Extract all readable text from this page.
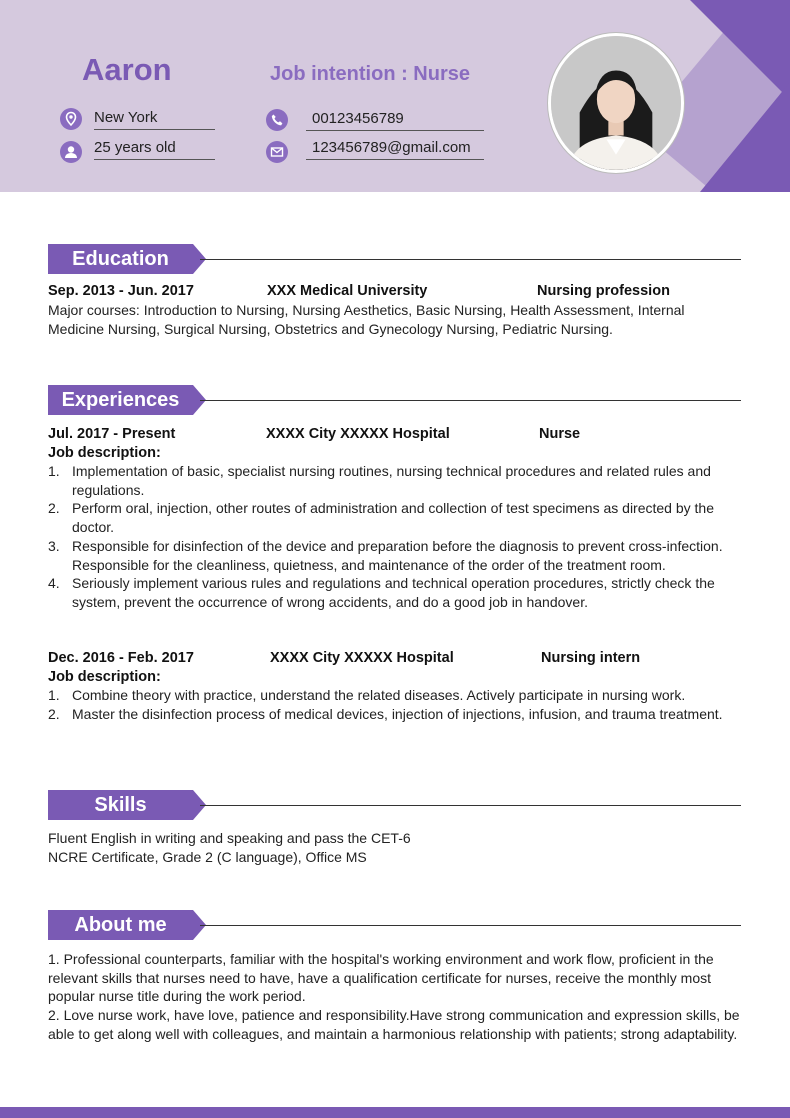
Aaron	Job intention : Nurse
New York
25 years old
00123456789
123456789@gmail.com
Education
Sep. 2013 - Jun. 2017	XXX Medical University	Nursing profession
Major courses: Introduction to Nursing, Nursing Aesthetics, Basic Nursing, Health Assessment, Internal Medicine Nursing, Surgical Nursing, Obstetrics and Gynecology Nursing, Pediatric Nursing.
Experiences
Jul. 2017 - Present	XXXX City XXXXX Hospital	Nurse
Job description:
1. Implementation of basic, specialist nursing routines, nursing technical procedures and related rules and regulations.
2. Perform oral, injection, other routes of administration and collection of test specimens as directed by the doctor.
3. Responsible for disinfection of the device and preparation before the diagnosis to prevent cross-infection. Responsible for the cleanliness, quietness, and maintenance of the order of the treatment room.
4. Seriously implement various rules and regulations and technical operation procedures, strictly check the system, prevent the occurrence of wrong accidents, and do a good job in handover.
Dec. 2016 - Feb. 2017	XXXX City XXXXX Hospital	Nursing intern
Job description:
1. Combine theory with practice, understand the related diseases. Actively participate in nursing work.
2. Master the disinfection process of medical devices, injection of injections, infusion, and trauma treatment.
Skills
Fluent English in writing and speaking and pass the CET-6
NCRE Certificate, Grade 2 (C language), Office MS
About me
1. Professional counterparts, familiar with the hospital's working environment and work flow, proficient in the relevant skills that nurses need to have, have a qualification certificate for nurses, receive the monthly most popular nurse title during the work period.
2. Love nurse work, have love, patience and responsibility.Have strong communication and expression skills, be able to get along well with colleagues, and maintain a harmonious relationship with patients; strong adaptability.
